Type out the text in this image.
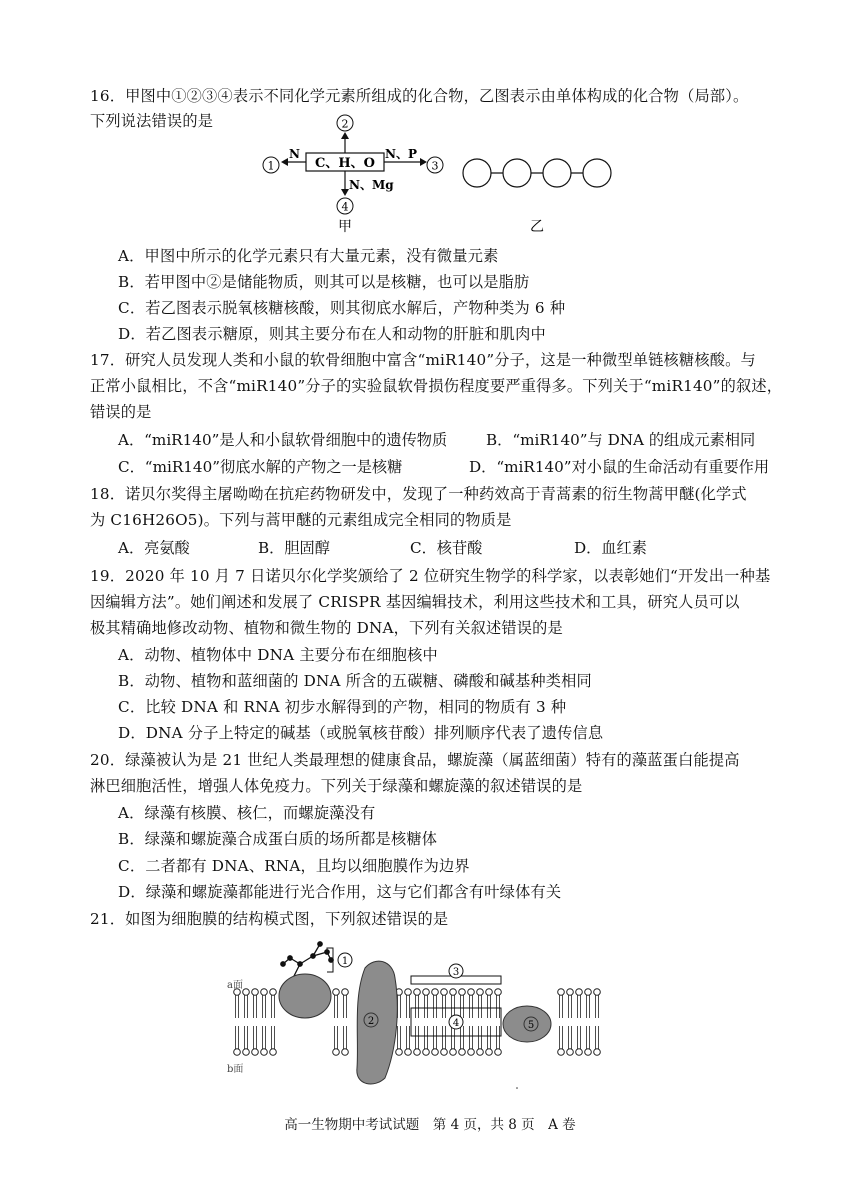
16．甲图中①②③④表示不同化学元素所组成的化合物，乙图表示由单体构成的化合物（局部）。
下列说法错误的是	2
C、H、O
N
1
N、P
3
N、Mg
4
甲	乙
A．甲图中所示的化学元素只有大量元素，没有微量元素
B．若甲图中②是储能物质，则其可以是核糖，也可以是脂肪
C．若乙图表示脱氧核糖核酸，则其彻底水解后，产物种类为 6 种
D．若乙图表示糖原，则其主要分布在人和动物的肝脏和肌肉中
17．研究人员发现人类和小鼠的软骨细胞中富含“miR140”分子，这是一种微型单链核糖核酸。与
正常小鼠相比，不含“miR140”分子的实验鼠软骨损伤程度要严重得多。下列关于“miR140”的叙述，
错误的是
A．“miR140”是人和小鼠软骨细胞中的遗传物质	B．“miR140”与 DNA 的组成元素相同
C．“miR140”彻底水解的产物之一是核糖	D．“miR140”对小鼠的生命活动有重要作用
18．诺贝尔奖得主屠呦呦在抗疟药物研发中，发现了一种药效高于青蒿素的衍生物蒿甲醚(化学式
为 C16H26O5)。下列与蒿甲醚的元素组成完全相同的物质是
A．亮氨酸	B．胆固醇	C．核苷酸	D．血红素
19．2020 年 10 月 7 日诺贝尔化学奖颁给了 2 位研究生物学的科学家，以表彰她们“开发出一种基
因编辑方法”。她们阐述和发展了 CRISPR 基因编辑技术，利用这些技术和工具，研究人员可以
极其精确地修改动物、植物和微生物的 DNA，下列有关叙述错误的是
A．动物、植物体中 DNA 主要分布在细胞核中
B．动物、植物和蓝细菌的 DNA 所含的五碳糖、磷酸和碱基种类相同
C．比较 DNA 和 RNA 初步水解得到的产物，相同的物质有 3 种
D．DNA 分子上特定的碱基（或脱氧核苷酸）排列顺序代表了遗传信息
20．绿藻被认为是 21 世纪人类最理想的健康食品，螺旋藻（属蓝细菌）特有的藻蓝蛋白能提高
淋巴细胞活性，增强人体免疫力。下列关于绿藻和螺旋藻的叙述错误的是
A．绿藻有核膜、核仁，而螺旋藻没有
B．绿藻和螺旋藻合成蛋白质的场所都是核糖体
C．二者都有 DNA、RNA，且均以细胞膜作为边界
D．绿藻和螺旋藻都能进行光合作用，这与它们都含有叶绿体有关
21．如图为细胞膜的结构模式图，下列叙述错误的是
1
2
3
4	5
a面
b面
高一生物期中考试试题　第 4 页，共 8 页　A 卷
